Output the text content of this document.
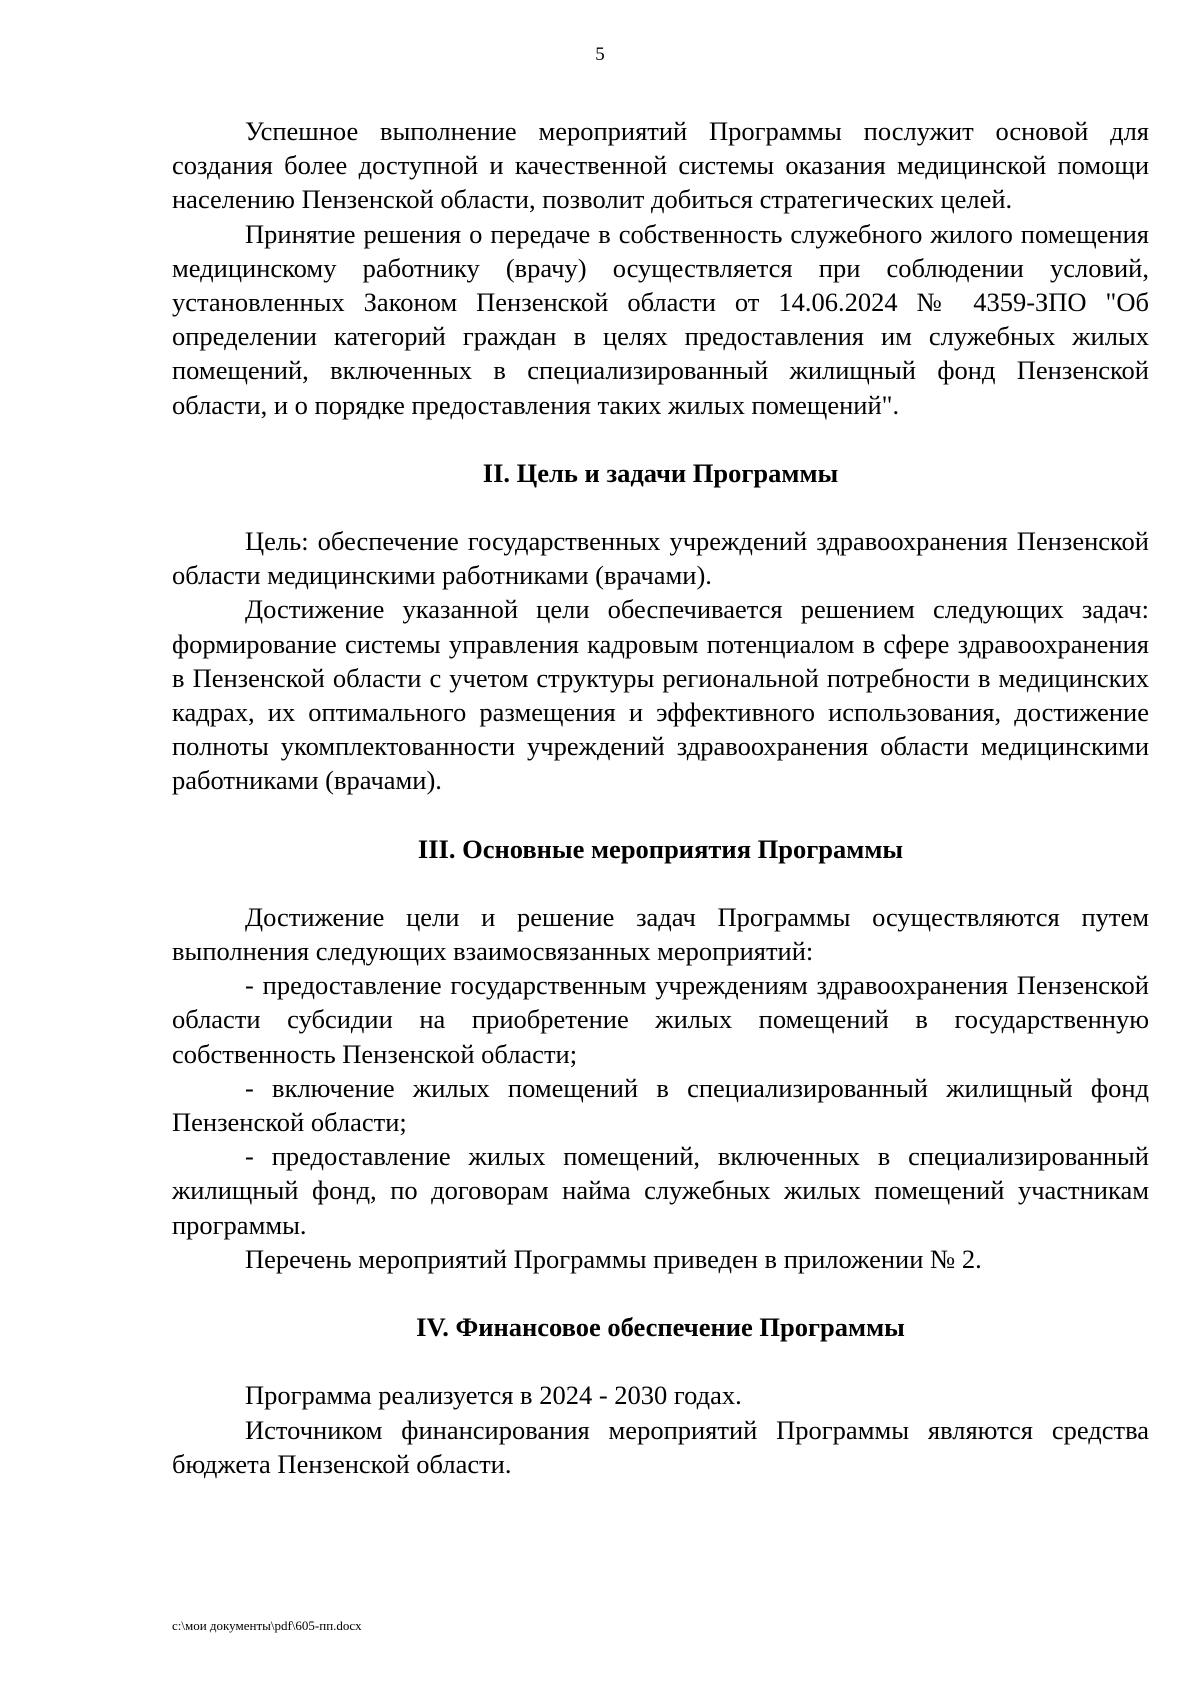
5

Успешное выполнение мероприятий Программы послужит основой для создания более доступной и качественной системы оказания медицинской помощи населению Пензенской области, позволит добиться стратегических целей.

Принятие решения о передаче в собственность служебного жилого помещения медицинскому работнику (врачу) осуществляется при соблюдении условий, установленных Законом Пензенской области от 14.06.2024 № 4359-ЗПО "Об определении категорий граждан в целях предоставления им служебных жилых помещений, включенных в специализированный жилищный фонд Пензенской области, и о порядке предоставления таких жилых помещений".

II. Цель и задачи Программы

Цель: обеспечение государственных учреждений здравоохранения Пензенской области медицинскими работниками (врачами).

Достижение указанной цели обеспечивается решением следующих задач: формирование системы управления кадровым потенциалом в сфере здравоохранения в Пензенской области с учетом структуры региональной потребности в медицинских кадрах, их оптимального размещения и эффективного использования, достижение полноты укомплектованности учреждений здравоохранения области медицинскими работниками (врачами).

III. Основные мероприятия Программы

Достижение цели и решение задач Программы осуществляются путем выполнения следующих взаимосвязанных мероприятий:

- предоставление государственным учреждениям здравоохранения Пензенской области субсидии на приобретение жилых помещений в государственную собственность Пензенской области;

- включение жилых помещений в специализированный жилищный фонд Пензенской области;

- предоставление жилых помещений, включенных в специализированный жилищный фонд, по договорам найма служебных жилых помещений участникам программы.

Перечень мероприятий Программы приведен в приложении № 2.

IV. Финансовое обеспечение Программы

Программа реализуется в 2024 - 2030 годах.

Источником финансирования мероприятий Программы являются средства бюджета Пензенской области.

c:\мои документы\pdf\605-пп.docx
